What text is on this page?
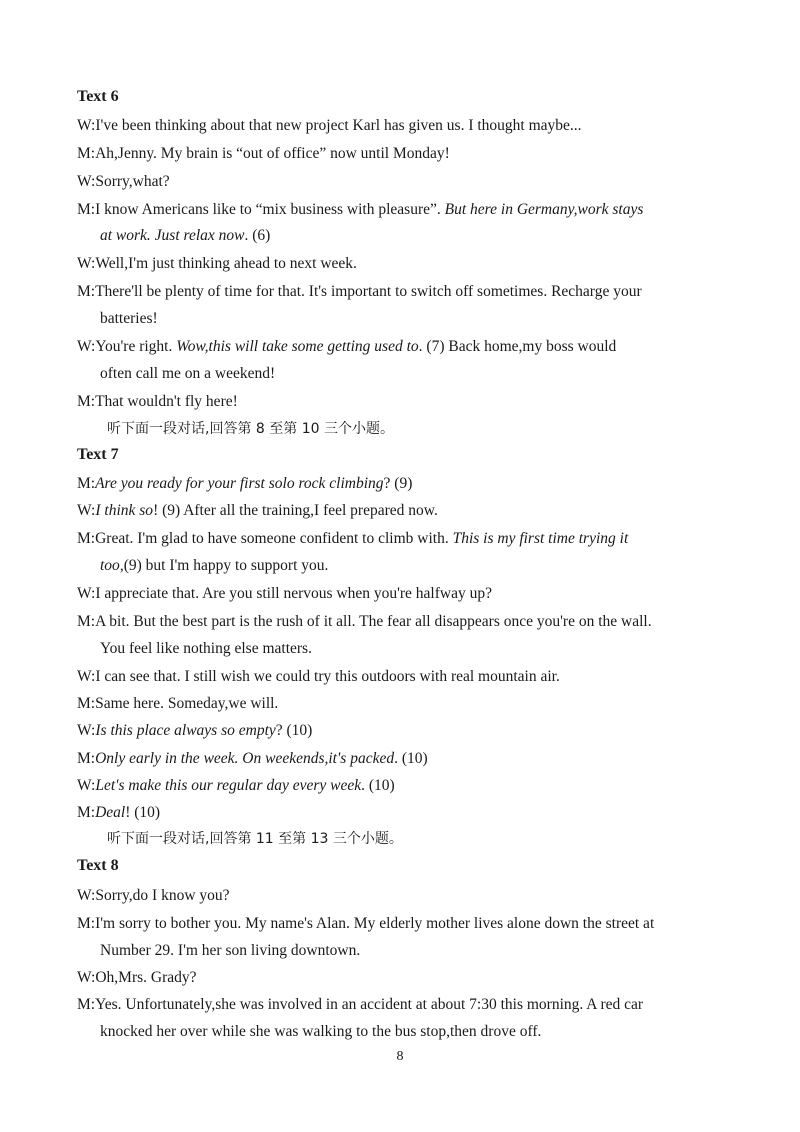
Text 6
W:I've been thinking about that new project Karl has given us. I thought maybe...
M:Ah,Jenny. My brain is “out of office” now until Monday!
W:Sorry,what?
M:I know Americans like to “mix business with pleasure”. But here in Germany,work stays
at work. Just relax now. (6)
W:Well,I'm just thinking ahead to next week.
M:There'll be plenty of time for that. It's important to switch off sometimes. Recharge your
batteries!
W:You're right. Wow,this will take some getting used to. (7) Back home,my boss would
often call me on a weekend!
M:That wouldn't fly here!
听下面一段对话,回答第 8 至第 10 三个小题。
Text 7
M:Are you ready for your first solo rock climbing? (9)
W:I think so! (9) After all the training,I feel prepared now.
M:Great. I'm glad to have someone confident to climb with. This is my first time trying it
too,(9) but I'm happy to support you.
W:I appreciate that. Are you still nervous when you're halfway up?
M:A bit. But the best part is the rush of it all. The fear all disappears once you're on the wall.
You feel like nothing else matters.
W:I can see that. I still wish we could try this outdoors with real mountain air.
M:Same here. Someday,we will.
W:Is this place always so empty? (10)
M:Only early in the week. On weekends,it's packed. (10)
W:Let's make this our regular day every week. (10)
M:Deal! (10)
听下面一段对话,回答第 11 至第 13 三个小题。
Text 8
W:Sorry,do I know you?
M:I'm sorry to bother you. My name's Alan. My elderly mother lives alone down the street at
Number 29. I'm her son living downtown.
W:Oh,Mrs. Grady?
M:Yes. Unfortunately,she was involved in an accident at about 7:30 this morning. A red car
knocked her over while she was walking to the bus stop,then drove off.
8
